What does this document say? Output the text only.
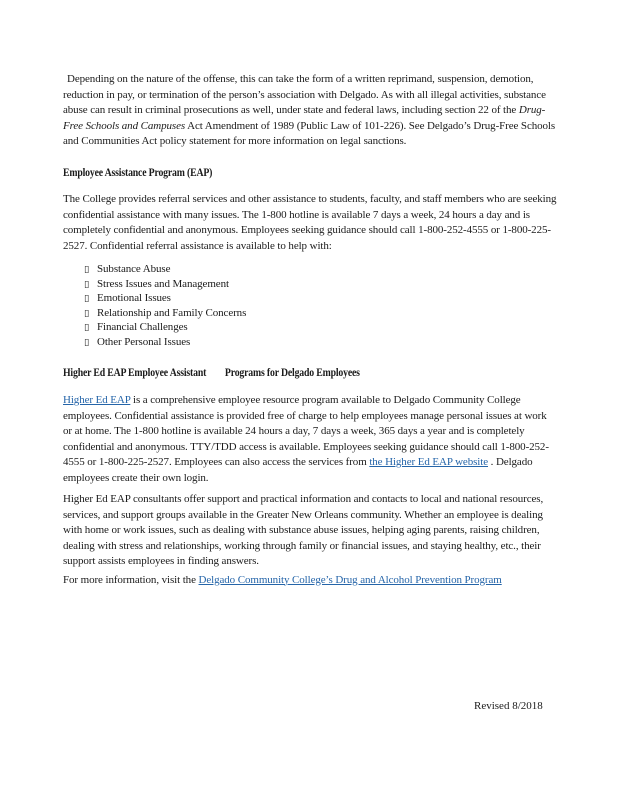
Depending on the nature of the offense, this can take the form of a written reprimand, suspension, demotion, reduction in pay, or termination of the person’s association with Delgado. As with all illegal activities, substance abuse can result in criminal prosecutions as well, under state and federal laws, including section 22 of the Drug-Free Schools and Campuses Act Amendment of 1989 (Public Law of 101-226). See Delgado’s Drug-Free Schools and Communities Act policy statement for more information on legal sanctions.

Employee Assistance Program (EAP)

The College provides referral services and other assistance to students, faculty, and staff members who are seeking confidential assistance with many issues. The 1-800 hotline is available 7 days a week, 24 hours a day and is completely confidential and anonymous. Employees seeking guidance should call 1-800-252-4555 or 1-800-225-2527. Confidential referral assistance is available to help with:

▯ Substance Abuse
▯ Stress Issues and Management
▯ Emotional Issues
▯ Relationship and Family Concerns
▯ Financial Challenges
▯ Other Personal Issues

Higher Ed EAP Employee Assistant Programs for Delgado Employees

Higher Ed EAP is a comprehensive employee resource program available to Delgado Community College employees. Confidential assistance is provided free of charge to help employees manage personal issues at work or at home. The 1-800 hotline is available 24 hours a day, 7 days a week, 365 days a year and is completely confidential and anonymous. TTY/TDD access is available. Employees seeking guidance should call 1-800-252-4555 or 1-800-225-2527. Employees can also access the services from the Higher Ed EAP website . Delgado employees create their own login.

Higher Ed EAP consultants offer support and practical information and contacts to local and national resources, services, and support groups available in the Greater New Orleans community. Whether an employee is dealing with home or work issues, such as dealing with substance abuse issues, helping aging parents, raising children, dealing with stress and relationships, working through family or financial issues, and staying healthy, etc., their support assists employees in finding answers.

For more information, visit the Delgado Community College’s Drug and Alcohol Prevention Program

Revised 8/2018
